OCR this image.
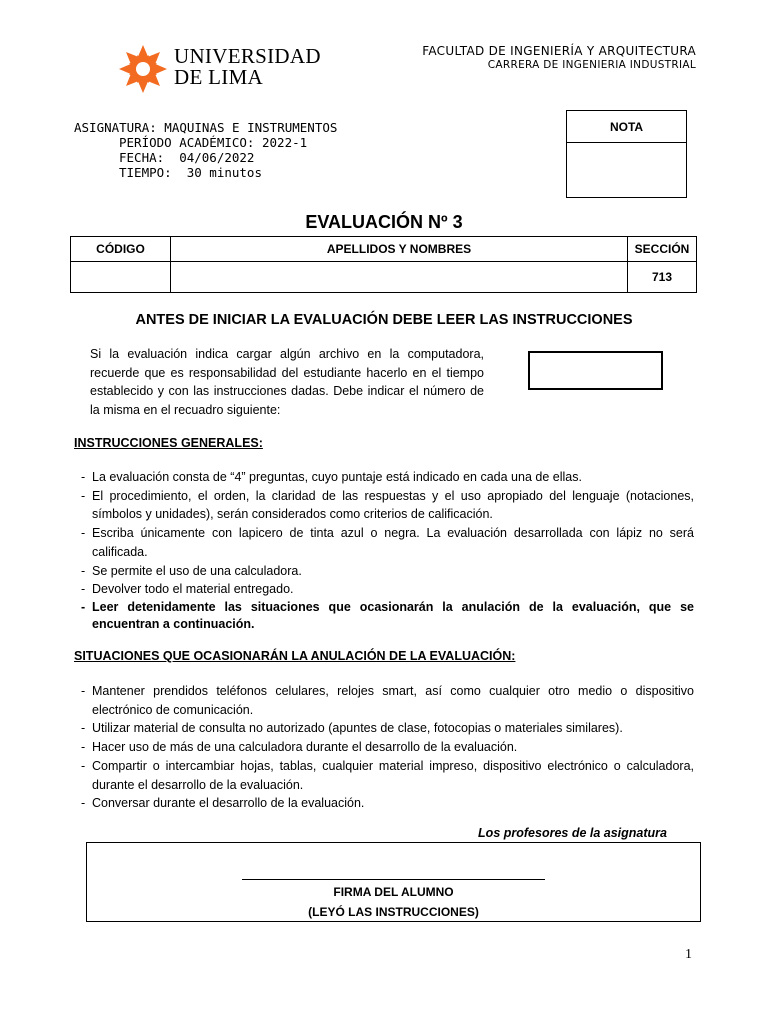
UNIVERSIDAD
DE LIMA
FACULTAD DE INGENIERÍA Y ARQUITECTURA
CARRERA DE INGENIERIA INDUSTRIAL
ASIGNATURA: MAQUINAS E INSTRUMENTOS
PERÍODO ACADÉMICO: 2022-1
FECHA:  04/06/2022
TIEMPO:  30 minutos
NOTA
EVALUACIÓN Nº 3
CÓDIGO	APELLIDOS Y NOMBRES	SECCIÓN
		713
ANTES DE INICIAR LA EVALUACIÓN DEBE LEER LAS INSTRUCCIONES
Si la evaluación indica cargar algún archivo en la computadora, recuerde que es responsabilidad del estudiante hacerlo en el tiempo establecido y con las instrucciones dadas. Debe indicar el número de la misma en el recuadro siguiente:
INSTRUCCIONES GENERALES:
- La evaluación consta de “4” preguntas, cuyo puntaje está indicado en cada una de ellas.
- El procedimiento, el orden, la claridad de las respuestas y el uso apropiado del lenguaje (notaciones, símbolos y unidades), serán considerados como criterios de calificación.
- Escriba únicamente con lapicero de tinta azul o negra. La evaluación desarrollada con lápiz no será calificada.
- Se permite el uso de una calculadora.
- Devolver todo el material entregado.
- Leer detenidamente las situaciones que ocasionarán la anulación de la evaluación, que se encuentran a continuación.
SITUACIONES QUE OCASIONARÁN LA ANULACIÓN DE LA EVALUACIÓN:
- Mantener prendidos teléfonos celulares, relojes smart, así como cualquier otro medio o dispositivo electrónico de comunicación.
- Utilizar material de consulta no autorizado (apuntes de clase, fotocopias o materiales similares).
- Hacer uso de más de una calculadora durante el desarrollo de la evaluación.
- Compartir o intercambiar hojas, tablas, cualquier material impreso, dispositivo electrónico o calculadora, durante el desarrollo de la evaluación.
- Conversar durante el desarrollo de la evaluación.
Los profesores de la asignatura
FIRMA DEL ALUMNO
(LEYÓ LAS INSTRUCCIONES)
1
